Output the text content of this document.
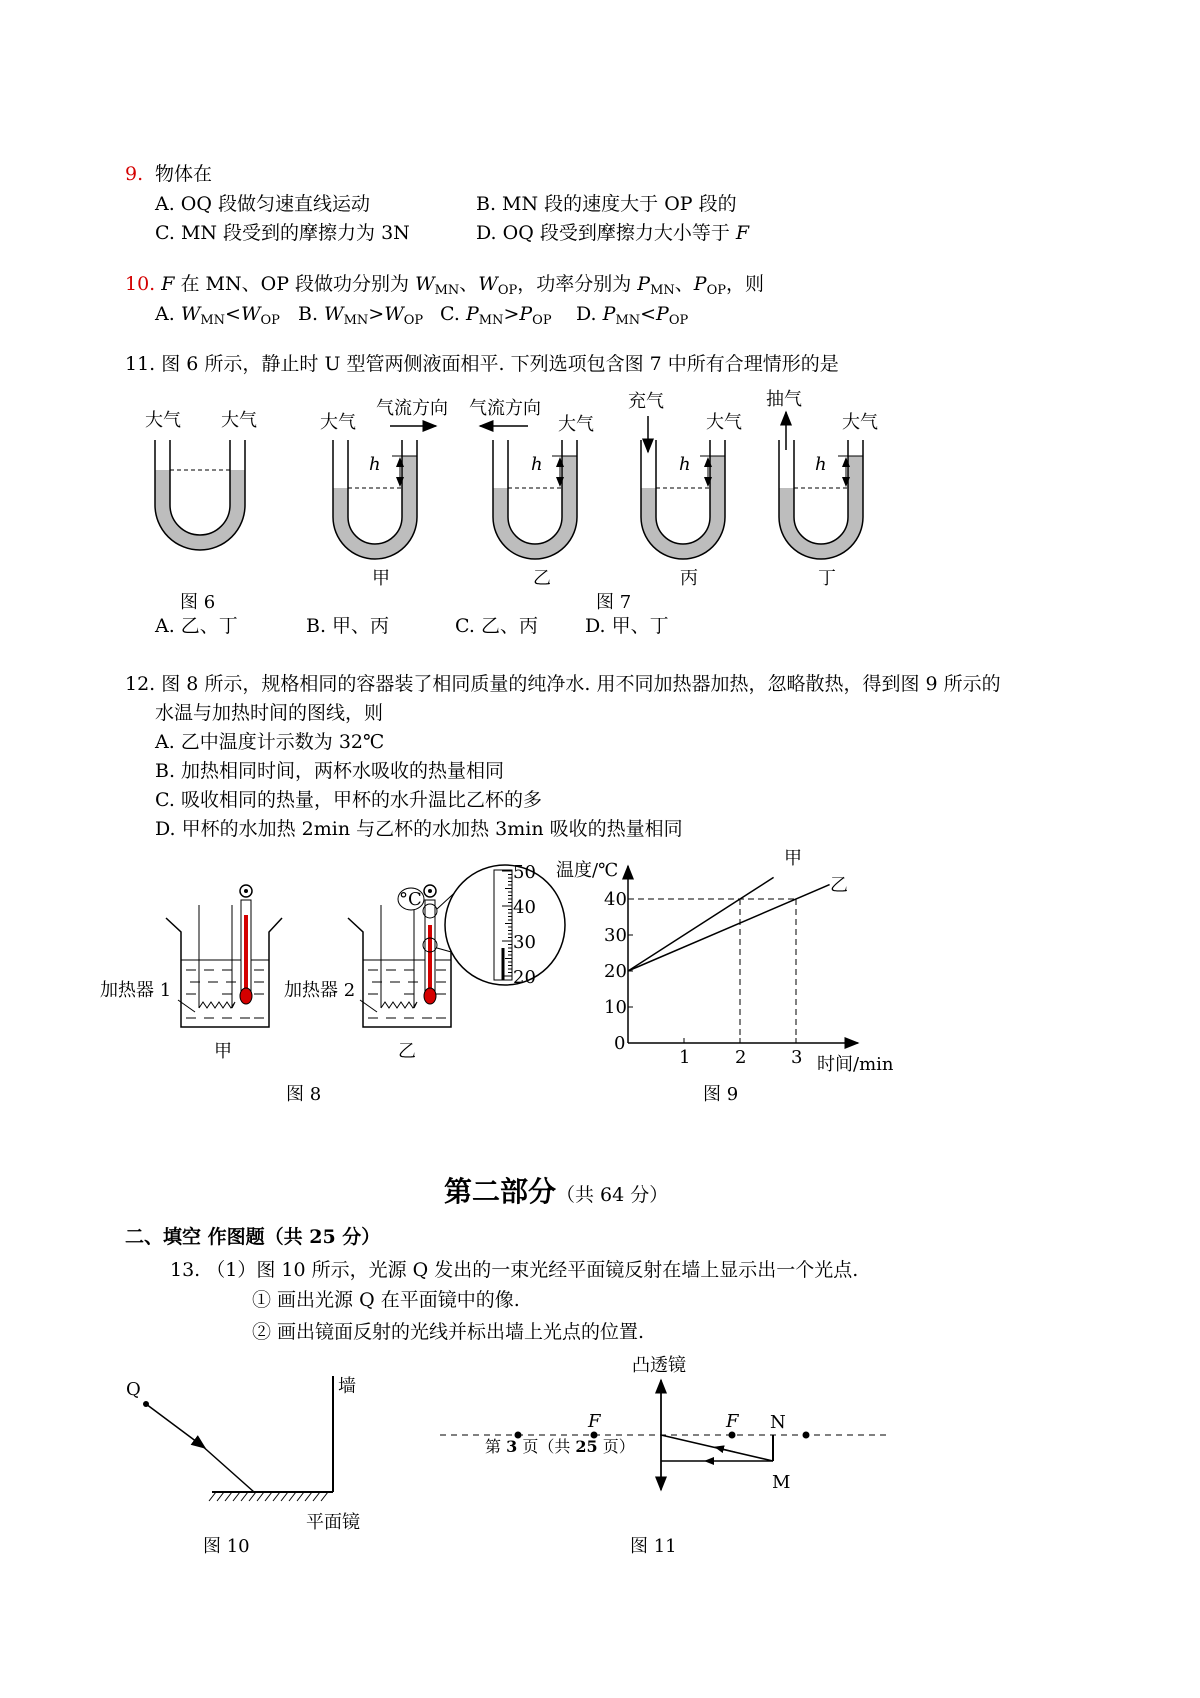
9. 物体在
A. OQ 段做匀速直线运动	B. MN 段的速度大于 OP 段的
C. MN 段受到的摩擦力为 3N	D. OQ 段受到摩擦力大小等于 F
10. F 在 MN、OP 段做功分别为 $W_{MN}$、$W_{OP}$，功率分别为 $P_{MN}$、$P_{OP}$，则
A. $W_{MN}<W_{OP}$ B. $W_{MN}>W_{OP}$ C. $P_{MN}>P_{OP}$ D. $P_{MN}<P_{OP}$
11. 图 6 所示，静止时 U 型管两侧液面相平. 下列选项包含图 7 中所有合理情形的是
大气 大气
图 6
大气
气流方向
h
甲
气流方向
大气
h
乙
充气
大气
h
丙
抽气
大气
h
丁
图 7
加热器 1
甲
°C
加热器 2
乙
50
40
30
20
图 8
1 2 3
0
10
20
30
40
温度/℃
时间/min
甲
乙
图 9
Q	墙
平面镜
图 10
凸透镜
F	F N
M
图 11
A. 乙、丁	B. 甲、丙	C. 乙、丙 D. 甲、丁
12. 图 8 所示，规格相同的容器装了相同质量的纯净水. 用不同加热器加热，忽略散热，得到图 9 所示的
水温与加热时间的图线，则
A. 乙中温度计示数为 32℃
B. 加热相同时间，两杯水吸收的热量相同
C. 吸收相同的热量，甲杯的水升温比乙杯的多
D. 甲杯的水加热 2min 与乙杯的水加热 3min 吸收的热量相同
第二部分（共 64 分）
二、填空 作图题（共 25 分）
13. （1）图 10 所示，光源 Q 发出的一束光经平面镜反射在墙上显示出一个光点.
① 画出光源 Q 在平面镜中的像.
② 画出镜面反射的光线并标出墙上光点的位置.
第 3 页（共 25 页）
